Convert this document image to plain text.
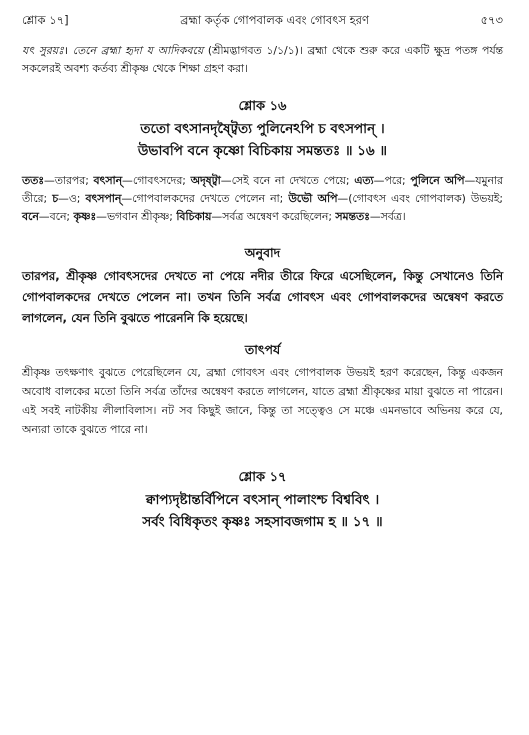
শ্লোক ১৭]	ব্রহ্মা কর্তৃক গোপবালক এবং গোবৎস হরণ	৫৭৩

যৎ সুরয়ঃ। তেনে ব্রহ্মা হৃদা য আদিকবয়ে (শ্রীমদ্ভাগবত ১/১/১)। ব্রহ্মা থেকে শুরু করে একটি ক্ষুদ্র পতঙ্গ পর্যন্ত সকলেরই অবশ্য কর্তব্য শ্রীকৃষ্ণ থেকে শিক্ষা গ্রহণ করা।

শ্লোক ১৬

ততো বৎসানদৃষ্ট্বৈত্য পুলিনেঽপি চ বৎসপান্ ।

উভাবপি বনে কৃষ্ণো বিচিকায় সমন্ততঃ ॥ ১৬ ॥

ততঃ—তারপর; বৎসান্—গোবৎসদের; অদৃষ্ট্বা—সেই বনে না দেখতে পেয়ে; এত্য—পরে; পুলিনে অপি—যমুনার তীরে; চ—ও; বৎসপান্—গোপবালকদের দেখতে পেলেন না; উভৌ অপি—(গোবৎস এবং গোপবালক) উভয়ই; বনে—বনে; কৃষ্ণঃ—ভগবান শ্রীকৃষ্ণ; বিচিকায়—সর্বত্র অন্বেষণ করেছিলেন; সমন্ততঃ—সর্বত্র।

অনুবাদ

তারপর, শ্রীকৃষ্ণ গোবৎসদের দেখতে না পেয়ে নদীর তীরে ফিরে এসেছিলেন, কিন্তু সেখানেও তিনি গোপবালকদের দেখতে পেলেন না। তখন তিনি সর্বত্র গোবৎস এবং গোপবালকদের অন্বেষণ করতে লাগলেন, যেন তিনি বুঝতে পারেননি কি হয়েছে।

তাৎপর্য

শ্রীকৃষ্ণ তৎক্ষণাৎ বুঝতে পেরেছিলেন যে, ব্রহ্মা গোবৎস এবং গোপবালক উভয়ই হরণ করেছেন, কিন্তু একজন অবোধ বালকের মতো তিনি সর্বত্র তাঁদের অন্বেষণ করতে লাগলেন, যাতে ব্রহ্মা শ্রীকৃষ্ণের মায়া বুঝতে না পারেন। এই সবই নাটকীয় লীলাবিলাস। নট সব কিছুই জানে, কিন্তু তা সত্ত্বেও সে মঞ্চে এমনভাবে অভিনয় করে যে, অন্যরা তাকে বুঝতে পারে না।

শ্লোক ১৭

ক্বাপ্যদৃষ্টান্তর্বিপিনে বৎসান্ পালাংশ্চ বিশ্ববিৎ ।

সর্বং বিধিকৃতং কৃষ্ণঃ সহসাবজগাম হ ॥ ১৭ ॥
